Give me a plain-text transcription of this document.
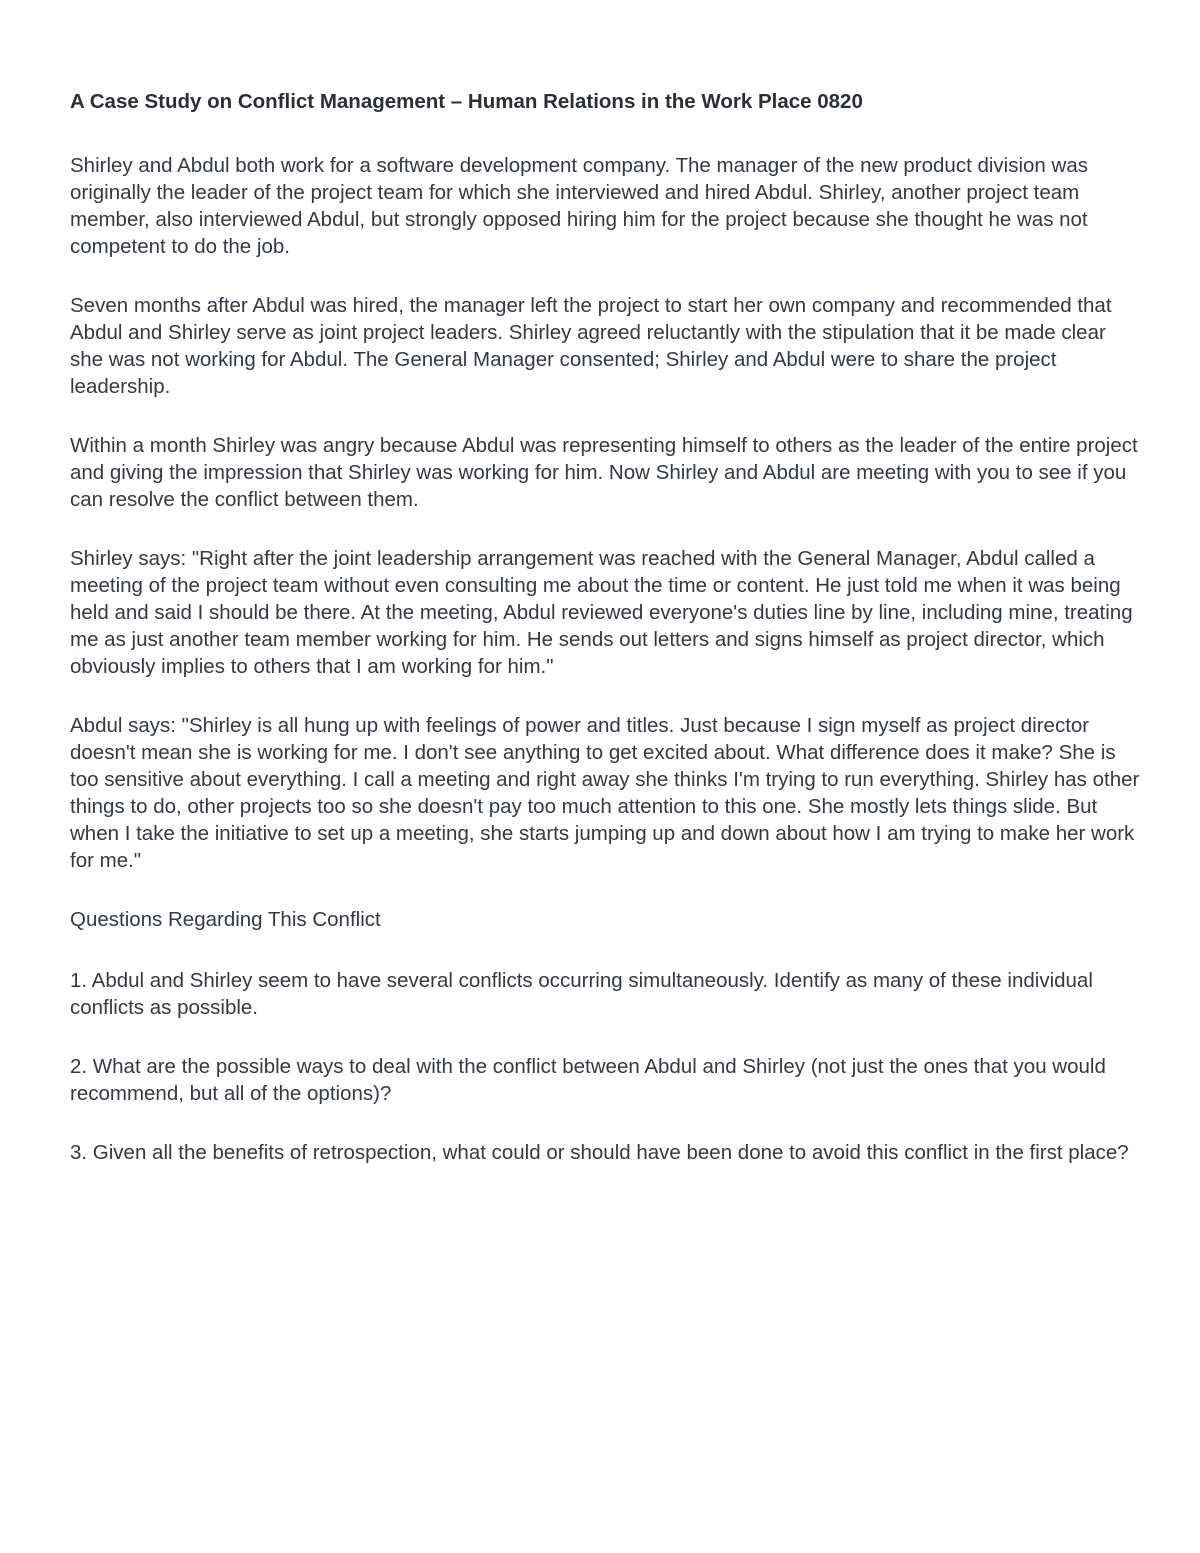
A Case Study on Conflict Management – Human Relations in the Work Place 0820

Shirley and Abdul both work for a software development company. The manager of the new product division was originally the leader of the project team for which she interviewed and hired Abdul. Shirley, another project team member, also interviewed Abdul, but strongly opposed hiring him for the project because she thought he was not competent to do the job.

Seven months after Abdul was hired, the manager left the project to start her own company and recommended that Abdul and Shirley serve as joint project leaders. Shirley agreed reluctantly with the stipulation that it be made clear she was not working for Abdul. The General Manager consented; Shirley and Abdul were to share the project leadership.

Within a month Shirley was angry because Abdul was representing himself to others as the leader of the entire project and giving the impression that Shirley was working for him. Now Shirley and Abdul are meeting with you to see if you can resolve the conflict between them.

Shirley says: "Right after the joint leadership arrangement was reached with the General Manager, Abdul called a meeting of the project team without even consulting me about the time or content. He just told me when it was being held and said I should be there. At the meeting, Abdul reviewed everyone's duties line by line, including mine, treating me as just another team member working for him. He sends out letters and signs himself as project director, which obviously implies to others that I am working for him."

Abdul says: "Shirley is all hung up with feelings of power and titles. Just because I sign myself as project director doesn't mean she is working for me. I don't see anything to get excited about. What difference does it make? She is too sensitive about everything. I call a meeting and right away she thinks I'm trying to run everything. Shirley has other things to do, other projects too so she doesn't pay too much attention to this one. She mostly lets things slide. But when I take the initiative to set up a meeting, she starts jumping up and down about how I am trying to make her work for me."

Questions Regarding This Conflict

1. Abdul and Shirley seem to have several conflicts occurring simultaneously. Identify as many of these individual conflicts as possible.

2. What are the possible ways to deal with the conflict between Abdul and Shirley (not just the ones that you would recommend, but all of the options)?

3. Given all the benefits of retrospection, what could or should have been done to avoid this conflict in the first place?
